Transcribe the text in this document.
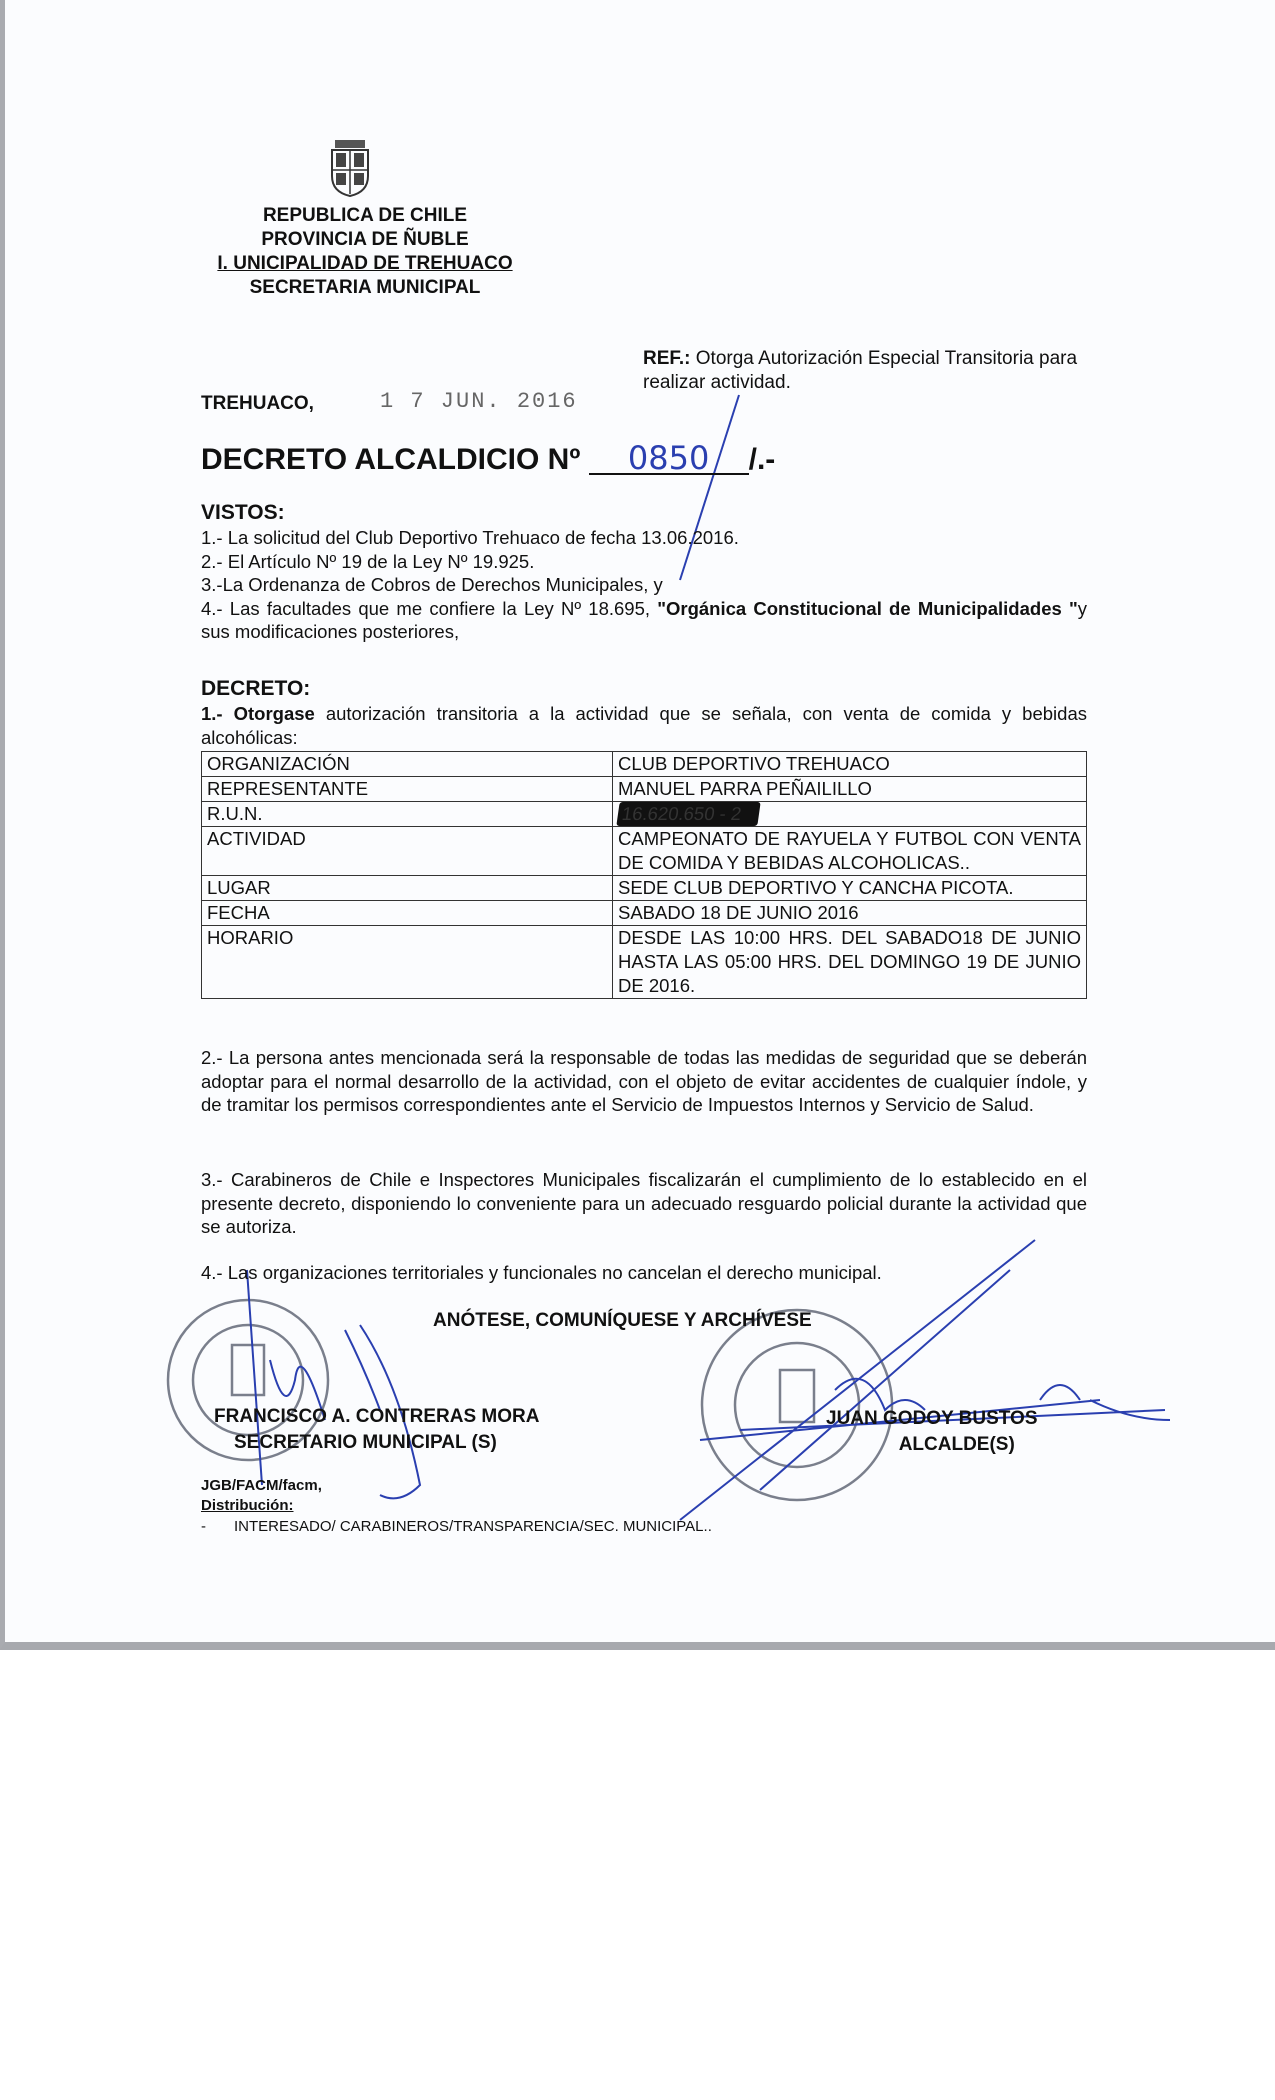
REPUBLICA DE CHILE
PROVINCIA DE ÑUBLE
I. UNICIPALIDAD DE TREHUACO
SECRETARIA MUNICIPAL
REF.: Otorga Autorización Especial Transitoria para realizar actividad.
TREHUACO,	1 7 JUN. 2016
DECRETO ALCALDICIO Nº 0850 /.-
VISTOS:
1.- La solicitud del Club Deportivo Trehuaco de fecha 13.06.2016.
2.- El Artículo Nº 19 de la Ley Nº 19.925.
3.-La Ordenanza de Cobros de Derechos Municipales, y
4.- Las facultades que me confiere la Ley Nº 18.695, "Orgánica Constitucional de Municipalidades "y sus modificaciones posteriores,
DECRETO:
1.- Otorgase autorización transitoria a la actividad que se señala, con venta de comida y bebidas alcohólicas:
ORGANIZACIÓN	CLUB DEPORTIVO TREHUACO
REPRESENTANTE	MANUEL PARRA PEÑAILILLO
R.U.N.	16.620.650 - 2
ACTIVIDAD	CAMPEONATO DE RAYUELA Y FUTBOL CON VENTA DE COMIDA Y BEBIDAS ALCOHOLICAS..
LUGAR	SEDE CLUB DEPORTIVO Y CANCHA PICOTA.
FECHA	SABADO 18 DE JUNIO 2016
HORARIO	DESDE LAS 10:00 HRS. DEL SABADO18 DE JUNIO HASTA LAS 05:00 HRS. DEL DOMINGO 19 DE JUNIO DE 2016.
2.- La persona antes mencionada será la responsable de todas las medidas de seguridad que se deberán adoptar para el normal desarrollo de la actividad, con el objeto de evitar accidentes de cualquier índole, y de tramitar los permisos correspondientes ante el Servicio de Impuestos Internos y Servicio de Salud.
3.- Carabineros de Chile e Inspectores Municipales fiscalizarán el cumplimiento de lo establecido en el presente decreto, disponiendo lo conveniente para un adecuado resguardo policial durante la actividad que se autoriza.
4.- Las organizaciones territoriales y funcionales no cancelan el derecho municipal.
ANÓTESE, COMUNÍQUESE Y ARCHÍVESE
FRANCISCO A. CONTRERAS MORA
SECRETARIO MUNICIPAL (S)
JUAN GODOY BUSTOS
ALCALDE(S)
JGB/FACM/facm,
Distribución:
- INTERESADO/ CARABINEROS/TRANSPARENCIA/SEC. MUNICIPAL..
